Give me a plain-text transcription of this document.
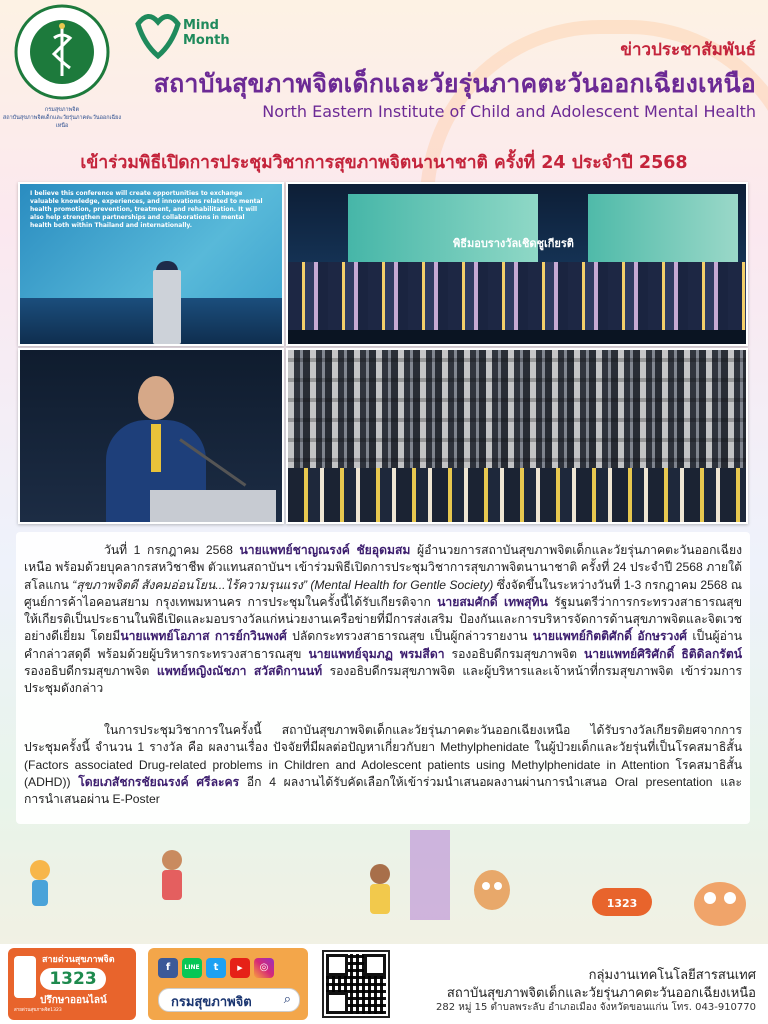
กรมสุขภาพจิต
สถาบันสุขภาพจิตเด็กและวัยรุ่นภาคตะวันออกเฉียงเหนือ
Mind
Month	ข่าวประชาสัมพันธ์
สถาบันสุขภาพจิตเด็กและวัยรุ่นภาคตะวันออกเฉียงเหนือ
North Eastern Institute of Child and Adolescent Mental Health
เข้าร่วมพิธีเปิดการประชุมวิชาการสุขภาพจิตนานาชาติ ครั้งที่ 24 ประจำปี 2568
I believe this conference will create opportunities to exchange valuable knowledge, experiences, and innovations related to mental health promotion, prevention, treatment, and rehabilitation. It will also help strengthen partnerships and collaborations in mental health both within Thailand and internationally.
พิธีมอบรางวัลเชิดชูเกียรติ
วันที่ 1 กรกฎาคม 2568 นายแพทย์ชาญณรงค์ ชัยอุดมสม ผู้อำนวยการสถาบันสุขภาพจิตเด็กและวัยรุ่นภาคตะวันออกเฉียงเหนือ พร้อมด้วยบุคลากรสหวิชาชีพ ตัวแทนสถาบันฯ เข้าร่วมพิธีเปิดการประชุมวิชาการสุขภาพจิตนานาชาติ ครั้งที่ 24 ประจำปี 2568 ภายใต้สโลแกน “สุขภาพจิตดี สังคมอ่อนโยน...ไร้ความรุนแรง” (Mental Health for Gentle Society) ซึ่งจัดขึ้นในระหว่างวันที่ 1-3 กรกฎาคม 2568 ณ ศูนย์การค้าไอคอนสยาม กรุงเทพมหานคร การประชุมในครั้งนี้ได้รับเกียรติจาก นายสมศักดิ์ เทพสุทิน รัฐมนตรีว่าการกระทรวงสาธารณสุข ให้เกียรติเป็นประธานในพิธีเปิดและมอบรางวัลแก่หน่วยงานเครือข่ายที่มีการส่งเสริม ป้องกันและการบริหารจัดการด้านสุขภาพจิตและจิตเวชอย่างดีเยี่ยม โดยมีนายแพทย์โอภาส การย์กวินพงศ์ ปลัดกระทรวงสาธารณสุข เป็นผู้กล่าวรายงาน นายแพทย์กิตติศักดิ์ อักษรวงศ์ เป็นผู้อ่านคำกล่าวสดุดี พร้อมด้วยผู้บริหารกระทรวงสาธารณสุข นายแพทย์จุมภฏ พรมสีดา รองอธิบดีกรมสุขภาพจิต นายแพทย์ศิริศักดิ์ ธิติดิลกรัตน์ รองอธิบดีกรมสุขภาพจิต แพทย์หญิงณัชภา สวัสดิกานนท์ รองอธิบดีกรมสุขภาพจิต และผู้บริหารและเจ้าหน้าที่กรมสุขภาพจิต เข้าร่วมการประชุมดังกล่าว
ในการประชุมวิชาการในครั้งนี้ สถาบันสุขภาพจิตเด็กและวัยรุ่นภาคตะวันออกเฉียงเหนือ ได้รับรางวัลเกียรติยศจากการประชุมครั้งนี้ จำนวน 1 รางวัล คือ ผลงานเรื่อง ปัจจัยที่มีผลต่อปัญหาเกี่ยวกับยา Methylphenidate ในผู้ป่วยเด็กและวัยรุ่นที่เป็นโรคสมาธิสั้น (Factors associated Drug-related problems in Children and Adolescent patients using Methylphenidate in Attention โรคสมาธิสั้น (ADHD)) โดยเภสัชกรชัยณรงค์ ศรีละคร อีก 4 ผลงานได้รับคัดเลือกให้เข้าร่วมนำเสนอผลงานผ่านการนำเสนอ Oral presentation และ การนำเสนอผ่าน E-Poster
1323
สายด่วนสุขภาพจิต
1323
ปรึกษาออนไลน์
สายด่วนสุขภาพจิต1323
f	LINE	t	▶	◎
กรมสุขภาพจิต ⌕
กลุ่มงานเทคโนโลยีสารสนเทศ
สถาบันสุขภาพจิตเด็กและวัยรุ่นภาคตะวันออกเฉียงเหนือ
282 หมู่ 15 ตำบลพระลับ อำเภอเมือง จังหวัดขอนแก่น โทร. 043-910770
